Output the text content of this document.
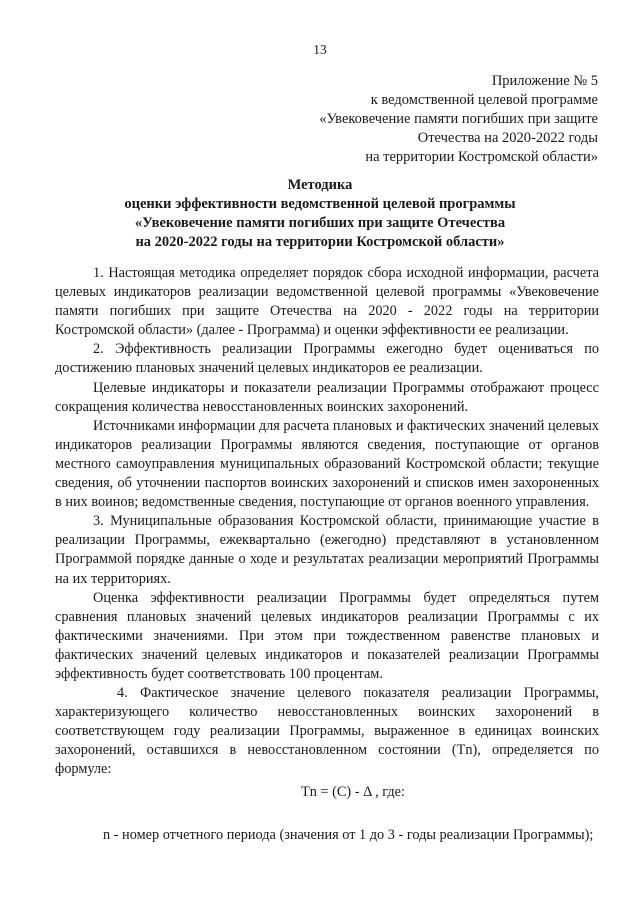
13
Приложение № 5
к ведомственной целевой программе
«Увековечение памяти погибших при защите
Отечества на 2020-2022 годы
на территории Костромской области»
Методика
оценки эффективности ведомственной целевой программы
«Увековечение памяти погибших при защите Отечества
на 2020-2022 годы на территории Костромской области»

1. Настоящая методика определяет порядок сбора исходной информации, расчета целевых индикаторов реализации ведомственной целевой программы «Увековечение памяти погибших при защите Отечества на 2020 - 2022 годы на территории Костромской области» (далее - Программа) и оценки эффективности ее реализации.

2. Эффективность реализации Программы ежегодно будет оцениваться по достижению плановых значений целевых индикаторов ее реализации.

Целевые индикаторы и показатели реализации Программы отображают процесс сокращения количества невосстановленных воинских захоронений.

Источниками информации для расчета плановых и фактических значений целевых индикаторов реализации Программы являются сведения, поступающие от органов местного самоуправления муниципальных образований Костромской области; текущие сведения, об уточнении паспортов воинских захоронений и списков имен захороненных в них воинов; ведомственные сведения, поступающие от органов военного управления.

3. Муниципальные образования Костромской области, принимающие участие в реализации Программы, ежеквартально (ежегодно) представляют в установленном Программой порядке данные о ходе и результатах реализации мероприятий Программы на их территориях.

Оценка эффективности реализации Программы будет определяться путем сравнения плановых значений целевых индикаторов реализации Программы с их фактическими значениями. При этом при тождественном равенстве плановых и фактических значений целевых индикаторов и показателей реализации Программы эффективность будет соответствовать 100 процентам.

4. Фактическое значение целевого показателя реализации Программы, характеризующего количество невосстановленных воинских захоронений в соответствующем году реализации Программы, выраженное в единицах воинских захоронений, оставшихся в невосстановленном состоянии (Тn), определяется по формуле:

Тn = (С) - Δ , где:

n - номер отчетного периода (значения от 1 до 3 - годы реализации Программы);
